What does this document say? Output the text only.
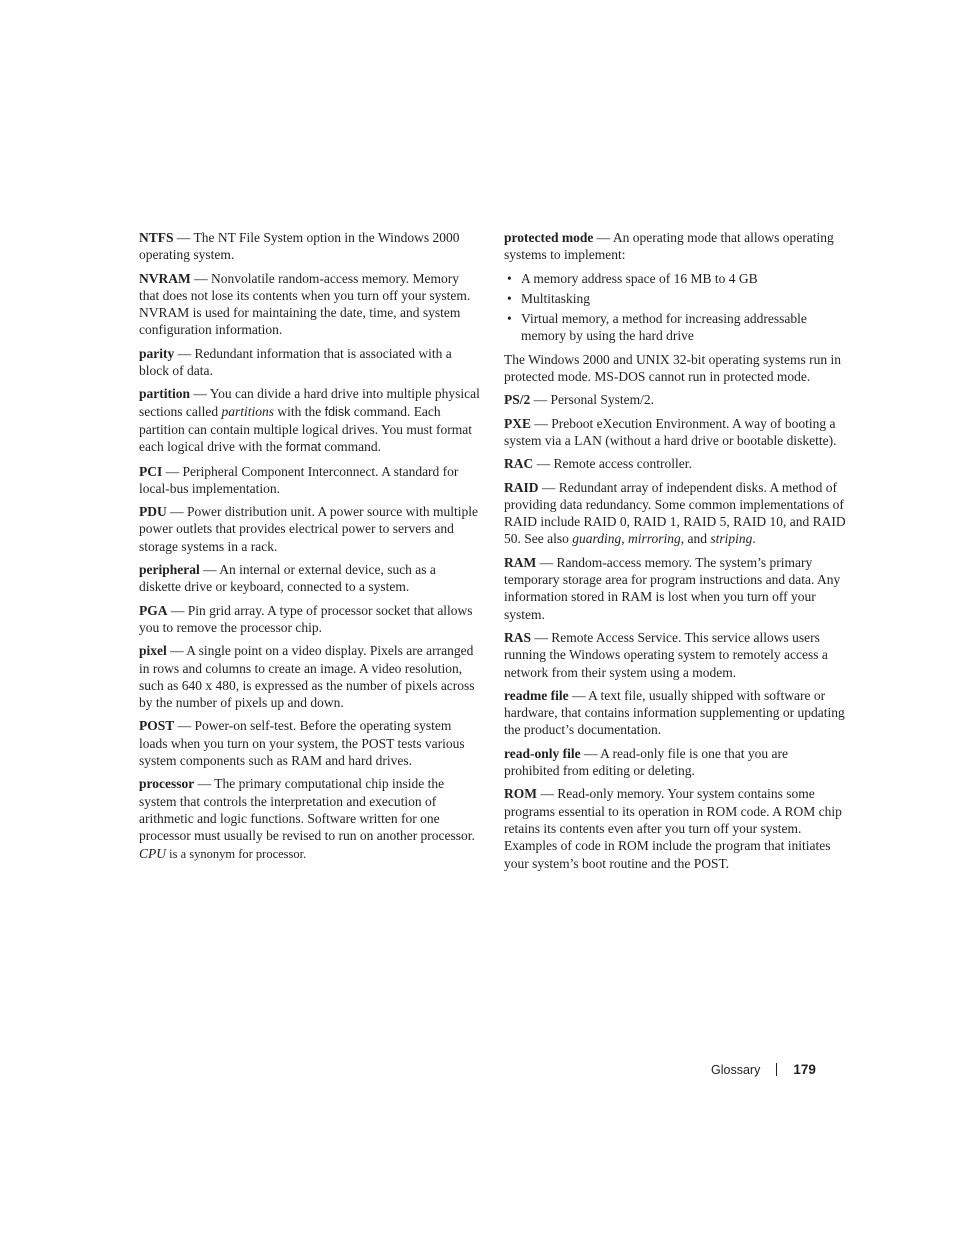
NTFS — The NT File System option in the Windows 2000 operating system.

NVRAM — Nonvolatile random-access memory. Memory that does not lose its contents when you turn off your system. NVRAM is used for maintaining the date, time, and system configuration information.

parity — Redundant information that is associated with a block of data.

partition — You can divide a hard drive into multiple physical sections called partitions with the fdisk command. Each partition can contain multiple logical drives. You must format each logical drive with the format command.

PCI — Peripheral Component Interconnect. A standard for local-bus implementation.

PDU — Power distribution unit. A power source with multiple power outlets that provides electrical power to servers and storage systems in a rack.

peripheral — An internal or external device, such as a diskette drive or keyboard, connected to a system.

PGA — Pin grid array. A type of processor socket that allows you to remove the processor chip.

pixel — A single point on a video display. Pixels are arranged in rows and columns to create an image. A video resolution, such as 640 x 480, is expressed as the number of pixels across by the number of pixels up and down.

POST — Power-on self-test. Before the operating system loads when you turn on your system, the POST tests various system components such as RAM and hard drives.

processor — The primary computational chip inside the system that controls the interpretation and execution of arithmetic and logic functions. Software written for one processor must usually be revised to run on another processor. CPU is a synonym for processor.

protected mode — An operating mode that allows operating systems to implement:

• A memory address space of 16 MB to 4 GB
• Multitasking
• Virtual memory, a method for increasing addressable memory by using the hard drive

The Windows 2000 and UNIX 32-bit operating systems run in protected mode. MS-DOS cannot run in protected mode.

PS/2 — Personal System/2.

PXE — Preboot eXecution Environment. A way of booting a system via a LAN (without a hard drive or bootable diskette).

RAC — Remote access controller.

RAID — Redundant array of independent disks. A method of providing data redundancy. Some common implementations of RAID include RAID 0, RAID 1, RAID 5, RAID 10, and RAID 50. See also guarding, mirroring, and striping.

RAM — Random-access memory. The system’s primary temporary storage area for program instructions and data. Any information stored in RAM is lost when you turn off your system.

RAS — Remote Access Service. This service allows users running the Windows operating system to remotely access a network from their system using a modem.

readme file — A text file, usually shipped with software or hardware, that contains information supplementing or updating the product’s documentation.

read-only file — A read-only file is one that you are prohibited from editing or deleting.

ROM — Read-only memory. Your system contains some programs essential to its operation in ROM code. A ROM chip retains its contents even after you turn off your system. Examples of code in ROM include the program that initiates your system’s boot routine and the POST.

Glossary 179
